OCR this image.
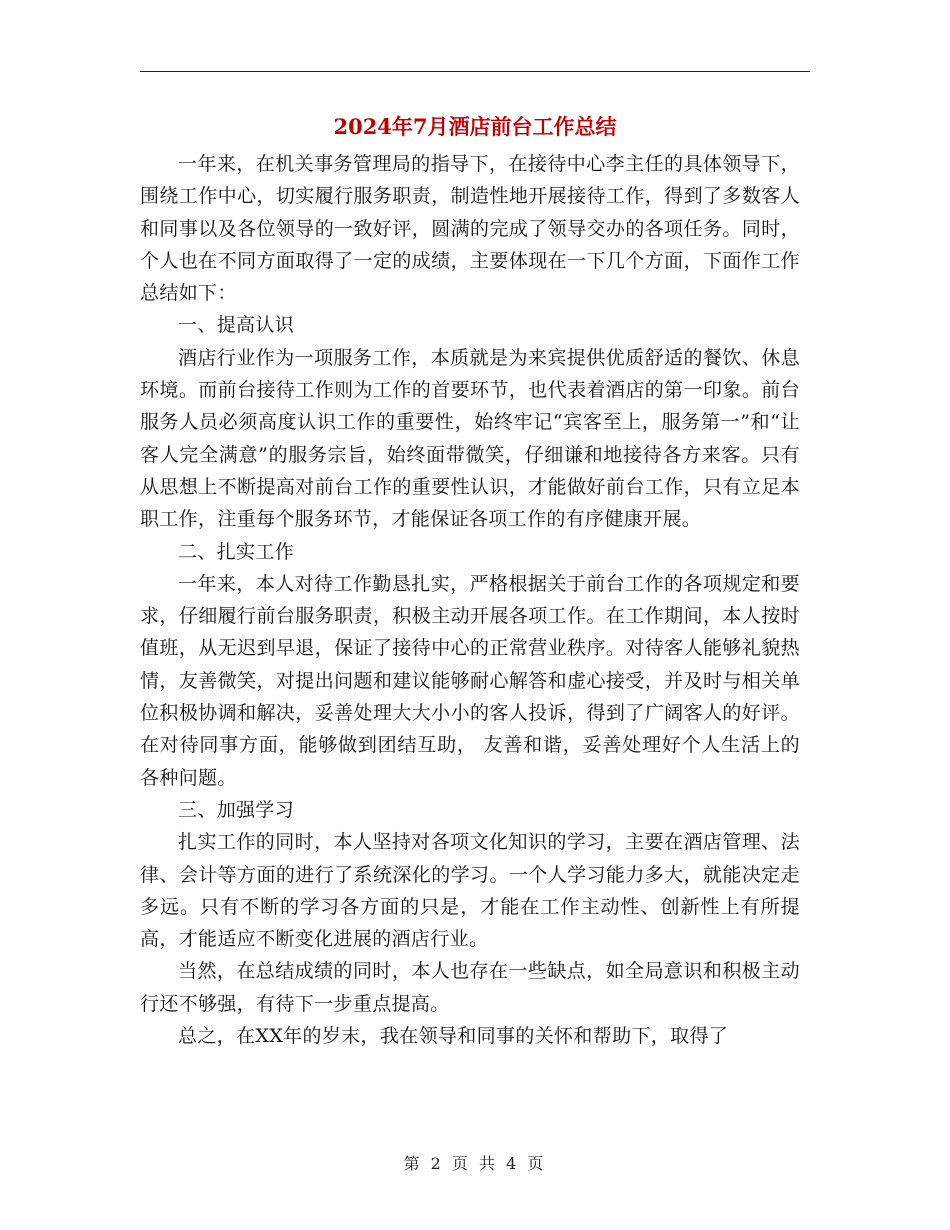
2024年7月酒店前台工作总结

一年来，在机关事务管理局的指导下，在接待中心李主任的具体领导下，围绕工作中心，切实履行服务职责，制造性地开展接待工作，得到了多数客人和同事以及各位领导的一致好评，圆满的完成了领导交办的各项任务。同时，个人也在不同方面取得了一定的成绩，主要体现在一下几个方面，下面作工作总结如下：

一、提高认识

酒店行业作为一项服务工作，本质就是为来宾提供优质舒适的餐饮、休息环境。而前台接待工作则为工作的首要环节，也代表着酒店的第一印象。前台服务人员必须高度认识工作的重要性，始终牢记“宾客至上，服务第一”和“让客人完全满意”的服务宗旨，始终面带微笑，仔细谦和地接待各方来客。只有从思想上不断提高对前台工作的重要性认识，才能做好前台工作，只有立足本职工作，注重每个服务环节，才能保证各项工作的有序健康开展。

二、扎实工作

一年来，本人对待工作勤恳扎实，严格根据关于前台工作的各项规定和要求，仔细履行前台服务职责，积极主动开展各项工作。在工作期间，本人按时值班，从无迟到早退，保证了接待中心的正常营业秩序。对待客人能够礼貌热情，友善微笑，对提出问题和建议能够耐心解答和虚心接受，并及时与相关单位积极协调和解决，妥善处理大大小小的客人投诉，得到了广阔客人的好评。在对待同事方面，能够做到团结互助， 友善和谐，妥善处理好个人生活上的各种问题。

三、加强学习

扎实工作的同时，本人坚持对各项文化知识的学习，主要在酒店管理、法律、会计等方面的进行了系统深化的学习。一个人学习能力多大，就能决定走多远。只有不断的学习各方面的只是，才能在工作主动性、创新性上有所提高，才能适应不断变化进展的酒店行业。

当然，在总结成绩的同时，本人也存在一些缺点，如全局意识和积极主动行还不够强，有待下一步重点提高。

总之，在XX年的岁末，我在领导和同事的关怀和帮助下，取得了

第 2 页 共 4 页
